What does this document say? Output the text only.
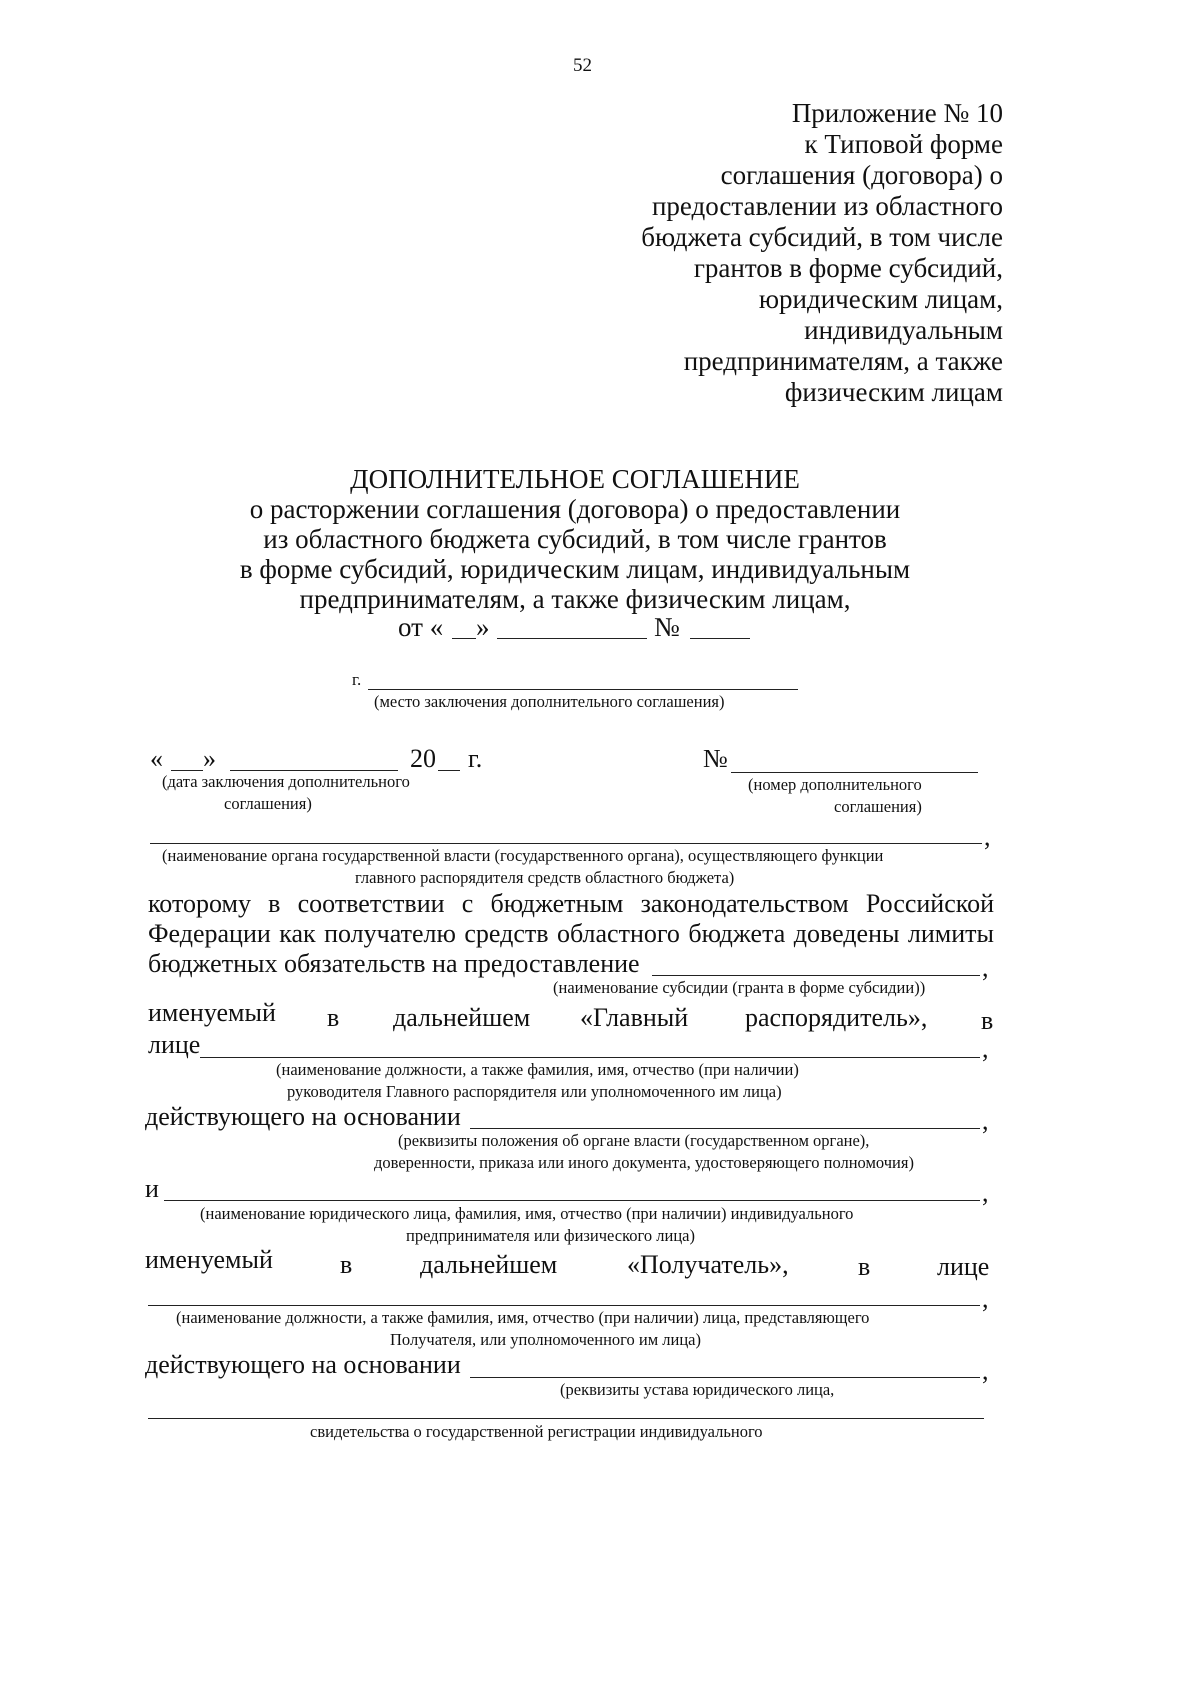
52
Приложение № 10
к Типовой форме
соглашения (договора) о
предоставлении из областного
бюджета субсидий, в том числе
грантов в форме субсидий,
юридическим лицам,
индивидуальным
предпринимателям, а также
физическим лицам
ДОПОЛНИТЕЛЬНОЕ СОГЛАШЕНИЕ
о расторжении соглашения (договора) о предоставлении
из областного бюджета субсидий, в том числе грантов
в форме субсидий, юридическим лицам, индивидуальным
предпринимателям, а также физическим лицам,
от « »	№
г.
(место заключения дополнительного соглашения)
« »	20 г.
(дата заключения дополнительного
соглашения)
№
(номер дополнительного
соглашения)
,
(наименование органа государственной власти (государственного органа), осуществляющего функции
главного распорядителя средств областного бюджета)
которому в соответствии с бюджетным законодательством Российской
Федерации как получателю средств областного бюджета доведены лимиты
бюджетных обязательств на предоставление	,
(наименование субсидии (гранта в форме субсидии))
именуемый в дальнейшем «Главный распорядитель», в
лице	,
(наименование должности, а также фамилия, имя, отчество (при наличии)
руководителя Главного распорядителя или уполномоченного им лица)
действующего на основании	,
(реквизиты положения об органе власти (государственном органе),
доверенности, приказа или иного документа, удостоверяющего полномочия)
и	,
(наименование юридического лица, фамилия, имя, отчество (при наличии) индивидуального
предпринимателя или физического лица)
именуемый	в	дальнейшем	«Получатель»,	в	лице
,
(наименование должности, а также фамилия, имя, отчество (при наличии) лица, представляющего
Получателя, или уполномоченного им лица)
действующего на основании	,
(реквизиты устава юридического лица,
свидетельства о государственной регистрации индивидуального
